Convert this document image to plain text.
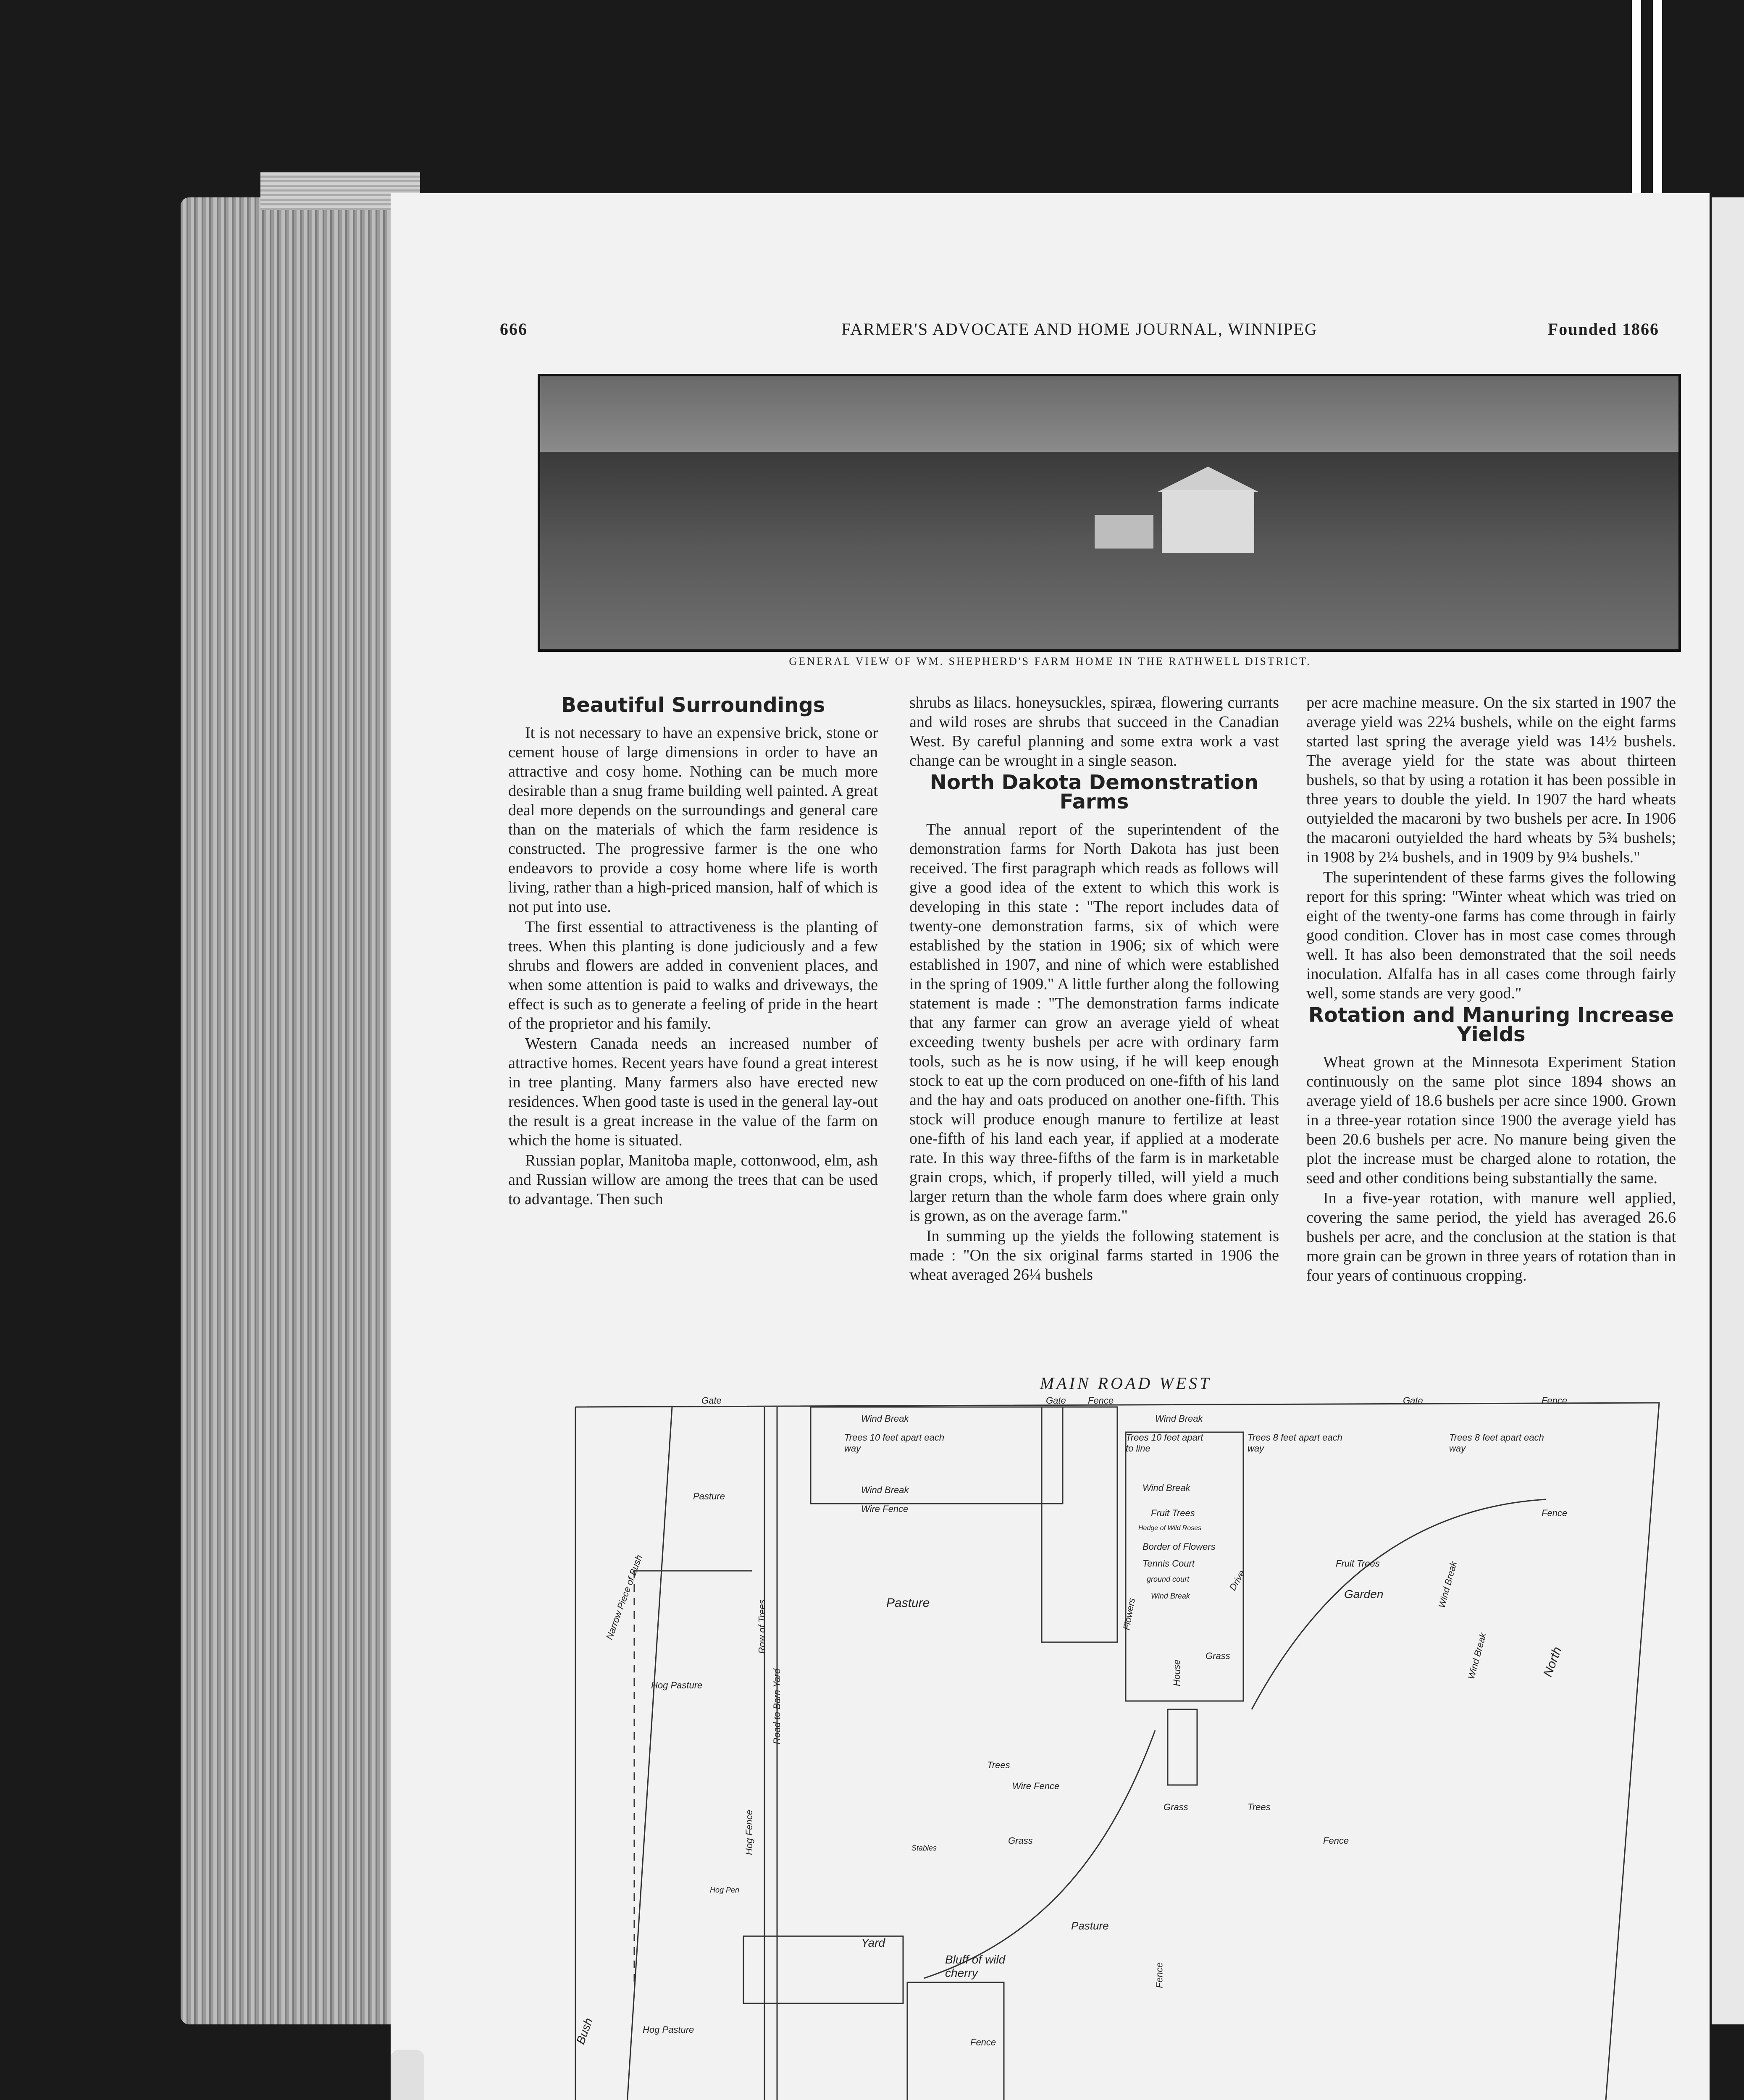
666	FARMER'S ADVOCATE AND HOME JOURNAL, WINNIPEG	Founded 1866
GENERAL VIEW OF WM. SHEPHERD'S FARM HOME IN THE RATHWELL DISTRICT.
Beautiful Surroundings

It is not necessary to have an expensive brick, stone or cement house of large dimensions in order to have an attractive and cosy home. Nothing can be much more desirable than a snug frame building well painted. A great deal more depends on the surroundings and general care than on the materials of which the farm residence is constructed. The progressive farmer is the one who endeavors to provide a cosy home where life is worth living, rather than a high-priced mansion, half of which is not put into use.

The first essential to attractiveness is the planting of trees. When this planting is done judiciously and a few shrubs and flowers are added in convenient places, and when some attention is paid to walks and driveways, the effect is such as to generate a feeling of pride in the heart of the proprietor and his family.

Western Canada needs an increased number of attractive homes. Recent years have found a great interest in tree planting. Many farmers also have erected new residences. When good taste is used in the general lay-out the result is a great increase in the value of the farm on which the home is situated.

Russian poplar, Manitoba maple, cottonwood, elm, ash and Russian willow are among the trees that can be used to advantage. Then such

shrubs as lilacs. honeysuckles, spiræa, flowering currants and wild roses are shrubs that succeed in the Canadian West. By careful planning and some extra work a vast change can be wrought in a single season.

North Dakota Demonstration Farms

The annual report of the superintendent of the demonstration farms for North Dakota has just been received. The first paragraph which reads as follows will give a good idea of the extent to which this work is developing in this state : "The report includes data of twenty-one demonstration farms, six of which were established by the station in 1906; six of which were established in 1907, and nine of which were established in the spring of 1909." A little further along the following statement is made : "The demonstration farms indicate that any farmer can grow an average yield of wheat exceeding twenty bushels per acre with ordinary farm tools, such as he is now using, if he will keep enough stock to eat up the corn produced on one-fifth of his land and the hay and oats produced on another one-fifth. This stock will produce enough manure to fertilize at least one-fifth of his land each year, if applied at a moderate rate. In this way three-fifths of the farm is in marketable grain crops, which, if properly tilled, will yield a much larger return than the whole farm does where grain only is grown, as on the average farm."

In summing up the yields the following statement is made : "On the six original farms started in 1906 the wheat averaged 26¼ bushels

per acre machine measure. On the six started in 1907 the average yield was 22¼ bushels, while on the eight farms started last spring the average yield was 14½ bushels. The average yield for the state was about thirteen bushels, so that by using a rotation it has been possible in three years to double the yield. In 1907 the hard wheats outyielded the macaroni by two bushels per acre. In 1906 the macaroni outyielded the hard wheats by 5¾ bushels; in 1908 by 2¼ bushels, and in 1909 by 9¼ bushels."

The superintendent of these farms gives the following report for this spring: "Winter wheat which was tried on eight of the twenty-one farms has come through in fairly good condition. Clover has in most case comes through well. It has also been demonstrated that the soil needs inoculation. Alfalfa has in all cases come through fairly well, some stands are very good."

Rotation and Manuring Increase Yields

Wheat grown at the Minnesota Experiment Station continuously on the same plot since 1894 shows an average yield of 18.6 bushels per acre since 1900. Grown in a three-year rotation since 1900 the average yield has been 20.6 bushels per acre. No manure being given the plot the increase must be charged alone to rotation, the seed and other conditions being substantially the same.

In a five-year rotation, with manure well applied, covering the same period, the yield has averaged 26.6 bushels per acre, and the conclusion at the station is that more grain can be grown in three years of rotation than in four years of continuous cropping.

MAIN ROAD WEST
Gate	Gate Fence
Wind Break
Trees 10 feet apart each way
Gate
Wind Break
Trees 10 feet apart to line
Trees 8 feet apart each way
Fence
Trees 8 feet apart each way
Wind Break
Wire Fence
Pasture
Narrow Piece of Bush	Pasture
Wind Break
Fruit Trees
Hedge of Wild Roses
Border of Flowers
Tennis Court
ground court
Wind Break
Fruit Trees
Garden
Fence
North
Wind Break
Wind Break
Drive
Flowers
House
Grass
Hog Pasture
Row of Trees
Road to Barn Yard
Hog Fence
Trees
Wire Fence
Grass	Trees
Fence
Stables
Grass
Hog Pen
Yard
Bluff of wild cherry
Pasture
Fence
Fence
Bush	Hog Pasture
